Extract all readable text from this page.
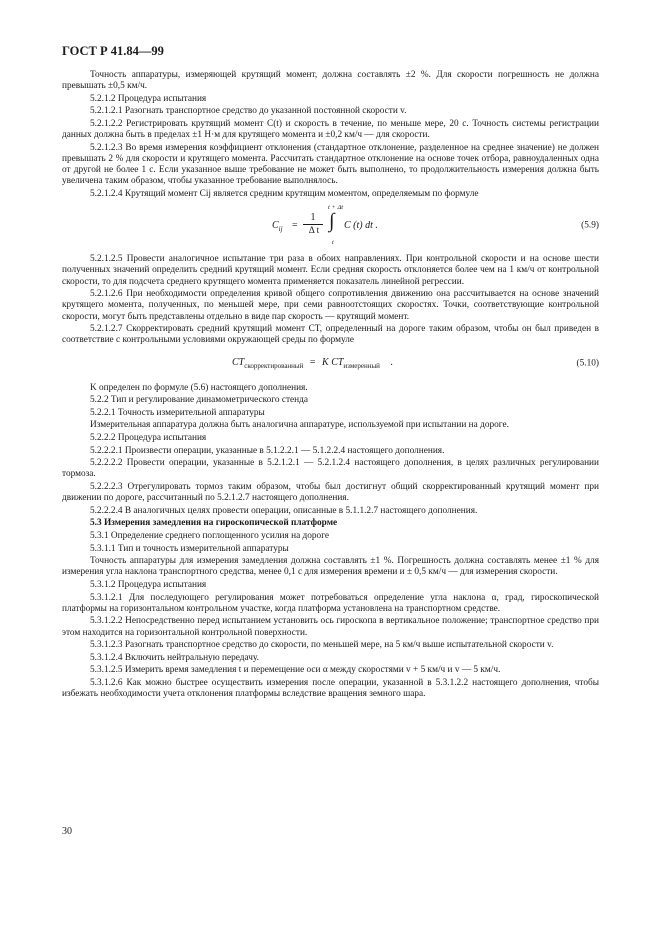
ГОСТ Р 41.84—99

Точность аппаратуры, измеряющей крутящий момент, должна составлять ±2 %. Для скорости погрешность не должна превышать ±0,5 км/ч.

5.2.1.2 Процедура испытания

5.2.1.2.1 Разогнать транспортное средство до указанной постоянной скорости v.

5.2.1.2.2 Регистрировать крутящий момент C(t) и скорость в течение, по меньше мере, 20 с. Точность системы регистрации данных должна быть в пределах ±1 Н·м для крутящего момента и ±0,2 км/ч — для скорости.

5.2.1.2.3 Во время измерения коэффициент отклонения (стандартное отклонение, разделенное на среднее значение) не должен превышать 2 % для скорости и крутящего момента. Рассчитать стандартное отклонение на основе точек отбора, равноудаленных одна от другой не более 1 с. Если указанное выше требование не может быть выполнено, то продолжительность измерения должна быть увеличена таким образом, чтобы указанное требование выполнялось.

5.2.1.2.4 Крутящий момент Cij является средним крутящим моментом, определяемым по формуле

$C_{ij}$ =
1
Δ t
t + Δt
∫
t
C (t) dt .	(5.9)

5.2.1.2.5 Провести аналогичное испытание три раза в обоих направлениях. При контрольной скорости и на основе шести полученных значений определить средний крутящий момент. Если средняя скорость отклоняется более чем на 1 км/ч от контрольной скорости, то для подсчета среднего крутящего момента применяется показатель линейной регрессии.

5.2.1.2.6 При необходимости определения кривой общего сопротивления движению она рассчитывается на основе значений крутящего момента, полученных, по меньшей мере, при семи равноотстоящих скоростях. Точки, соответствующие контрольной скорости, могут быть представлены отдельно в виде пар скорость — крутящий момент.

5.2.1.2.7 Скорректировать средний крутящий момент CT, определенный на дороге таким образом, чтобы он был приведен в соответствие с контрольными условиями окружающей среды по формуле

$CT_{скорректированный} = K$ $CT_{измеренный}$ .	(5.10)

K определен по формуле (5.6) настоящего дополнения.

5.2.2 Тип и регулирование динамометрического стенда

5.2.2.1 Точность измерительной аппаратуры

Измерительная аппаратура должна быть аналогична аппаратуре, используемой при испытании на дороге.

5.2.2.2 Процедура испытания

5.2.2.2.1 Произвести операции, указанные в 5.1.2.2.1 — 5.1.2.2.4 настоящего дополнения.

5.2.2.2.2 Провести операции, указанные в 5.2.1.2.1 — 5.2.1.2.4 настоящего дополнения, в целях различных регулировании тормоза.

5.2.2.2.3 Отрегулировать тормоз таким образом, чтобы был достигнут общий скорректированный крутящий момент при движении по дороге, рассчитанный по 5.2.1.2.7 настоящего дополнения.

5.2.2.2.4 В аналогичных целях провести операции, описанные в 5.1.1.2.7 настоящего дополнения.

5.3 Измерения замедления на гироскопической платформе

5.3.1 Определение среднего поглощенного усилия на дороге

5.3.1.1 Тип и точность измерительной аппаратуры

Точность аппаратуры для измерения замедления должна составлять ±1 %. Погрешность должна составлять менее ±1 % для измерения угла наклона транспортного средства, менее 0,1 с для измерения времени и ± 0,5 км/ч — для измерения скорости.

5.3.1.2 Процедура испытания

5.3.1.2.1 Для последующего регулирования может потребоваться определение угла наклона α, град, гироскопической платформы на горизонтальном контрольном участке, когда платформа установлена на транспортном средстве.

5.3.1.2.2 Непосредственно перед испытанием установить ось гироскопа в вертикальное положение; транспортное средство при этом находится на горизонтальной контрольной поверхности.

5.3.1.2.3 Разогнать транспортное средство до скорости, по меньшей мере, на 5 км/ч выше испытательной скорости v.

5.3.1.2.4 Включить нейтральную передачу.

5.3.1.2.5 Измерить время замедления t и перемещение оси α между скоростями v + 5 км/ч и v — 5 км/ч.

5.3.1.2.6 Как можно быстрее осуществить измерения после операции, указанной в 5.3.1.2.2 настоящего дополнения, чтобы избежать необходимости учета отклонения платформы вследствие вращения земного шара.

30
